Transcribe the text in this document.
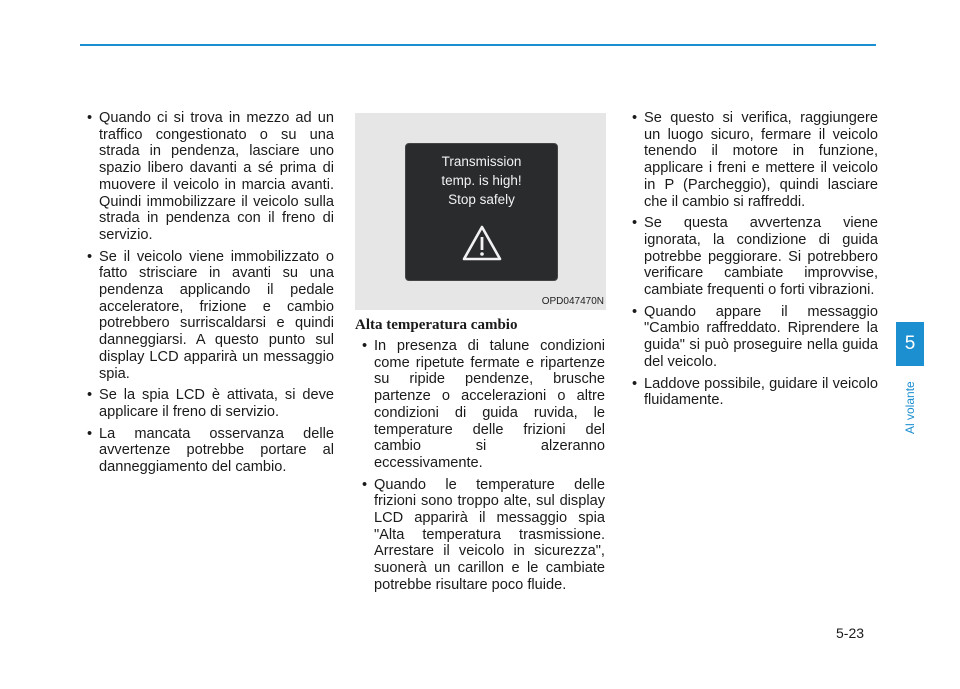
• Quando ci si trova in mezzo ad un traffico congestionato o su una strada in pendenza, lasciare uno spazio libero davanti a sé prima di muovere il veicolo in marcia avanti. Quindi immobilizzare il veicolo sulla strada in pendenza con il freno di servizio.
• Se il veicolo viene immobilizzato o fatto strisciare in avanti su una pendenza applicando il pedale acceleratore, frizione e cambio potrebbero surriscaldarsi e quindi danneggiarsi. A questo punto sul display LCD apparirà un messaggio spia.
• Se la spia LCD è attivata, si deve applicare il freno di servizio.
• La mancata osservanza delle avvertenze potrebbe portare al danneggiamento del cambio.
Transmission
temp. is high!
Stop safely
OPD047470N
Alta temperatura cambio
• In presenza di talune condizioni come ripetute fermate e ripartenze su ripide pendenze, brusche partenze o accelerazioni o altre condizioni di guida ruvida, le temperature delle frizioni del cambio si alzeranno eccessivamente.
• Quando le temperature delle frizioni sono troppo alte, sul display LCD apparirà il messaggio spia "Alta temperatura trasmissione. Arrestare il veicolo in sicurezza", suonerà un carillon e le cambiate potrebbe risultare poco fluide.
• Se questo si verifica, raggiungere un luogo sicuro, fermare il veicolo tenendo il motore in funzione, applicare i freni e mettere il veicolo in P (Parcheggio), quindi lasciare che il cambio si raffreddi.
• Se questa avvertenza viene ignorata, la condizione di guida potrebbe peggiorare. Si potrebbero verificare cambiate improvvise, cambiate frequenti o forti vibrazioni.
• Quando appare il messaggio "Cambio raffreddato. Riprendere la guida" si può proseguire nella guida del veicolo.
• Laddove possibile, guidare il veicolo fluidamente.
5
Al volante
5-23
